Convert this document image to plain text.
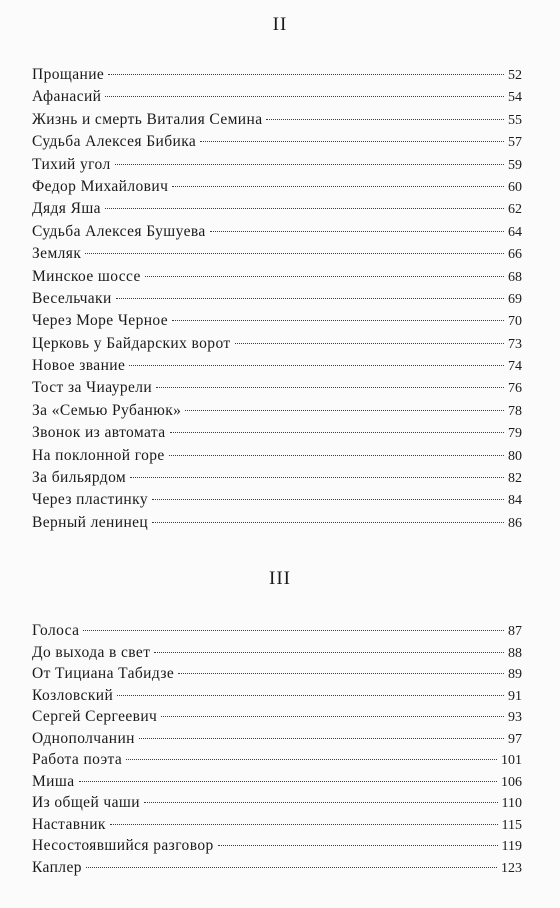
II
Прощание	52
Афанасий	54
Жизнь и смерть Виталия Семина	55
Судьба Алексея Бибика	57
Тихий угол	59
Федор Михайлович	60
Дядя Яша	62
Судьба Алексея Бушуева	64
Земляк	66
Минское шоссе	68
Весельчаки	69
Через Море Черное	70
Церковь у Байдарских ворот	73
Новое звание	74
Тост за Чиаурели	76
За «Семью Рубанюк»	78
Звонок из автомата	79
На поклонной горе	80
За бильярдом	82
Через пластинку	84
Верный ленинец	86
III
Голоса	87
До выхода в свет	88
От Тициана Табидзе	89
Козловский	91
Сергей Сергеевич	93
Однополчанин	97
Работа поэта	101
Миша	106
Из общей чаши	110
Наставник	115
Несостоявшийся разговор	119
Каплер	123
